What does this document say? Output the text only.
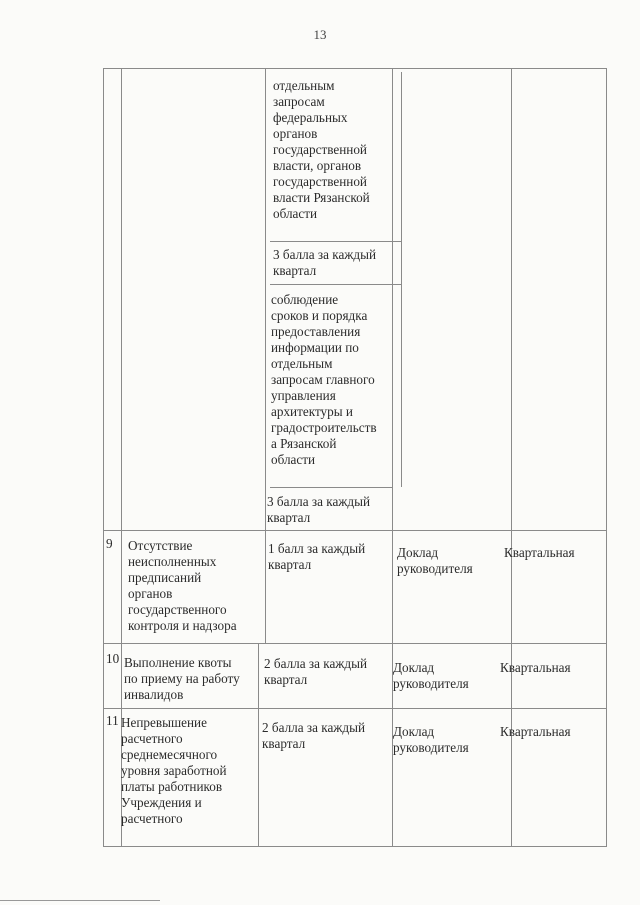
13
отдельным
запросам
федеральных
органов
государственной
власти, органов
государственной
власти Рязанской
области
3 балла за каждый
квартал
соблюдение
сроков и порядка
предоставления
информации по
отдельным
запросам главного
управления
архитектуры и
градостроительств
а Рязанской
области
3 балла за каждый
квартал
9 Отсутствие
неисполненных
предписаний
органов
государственного
контроля и надзора
1 балл за каждый
квартал
Доклад
руководителя
Квартальная
10 Выполнение квоты
по приему на работу
инвалидов
2 балла за каждый
квартал
Доклад
руководителя
Квартальная
11 Непревышение
расчетного
среднемесячного
уровня заработной
платы работников
Учреждения и
расчетного
2 балла за каждый
квартал
Доклад
руководителя
Квартальная
